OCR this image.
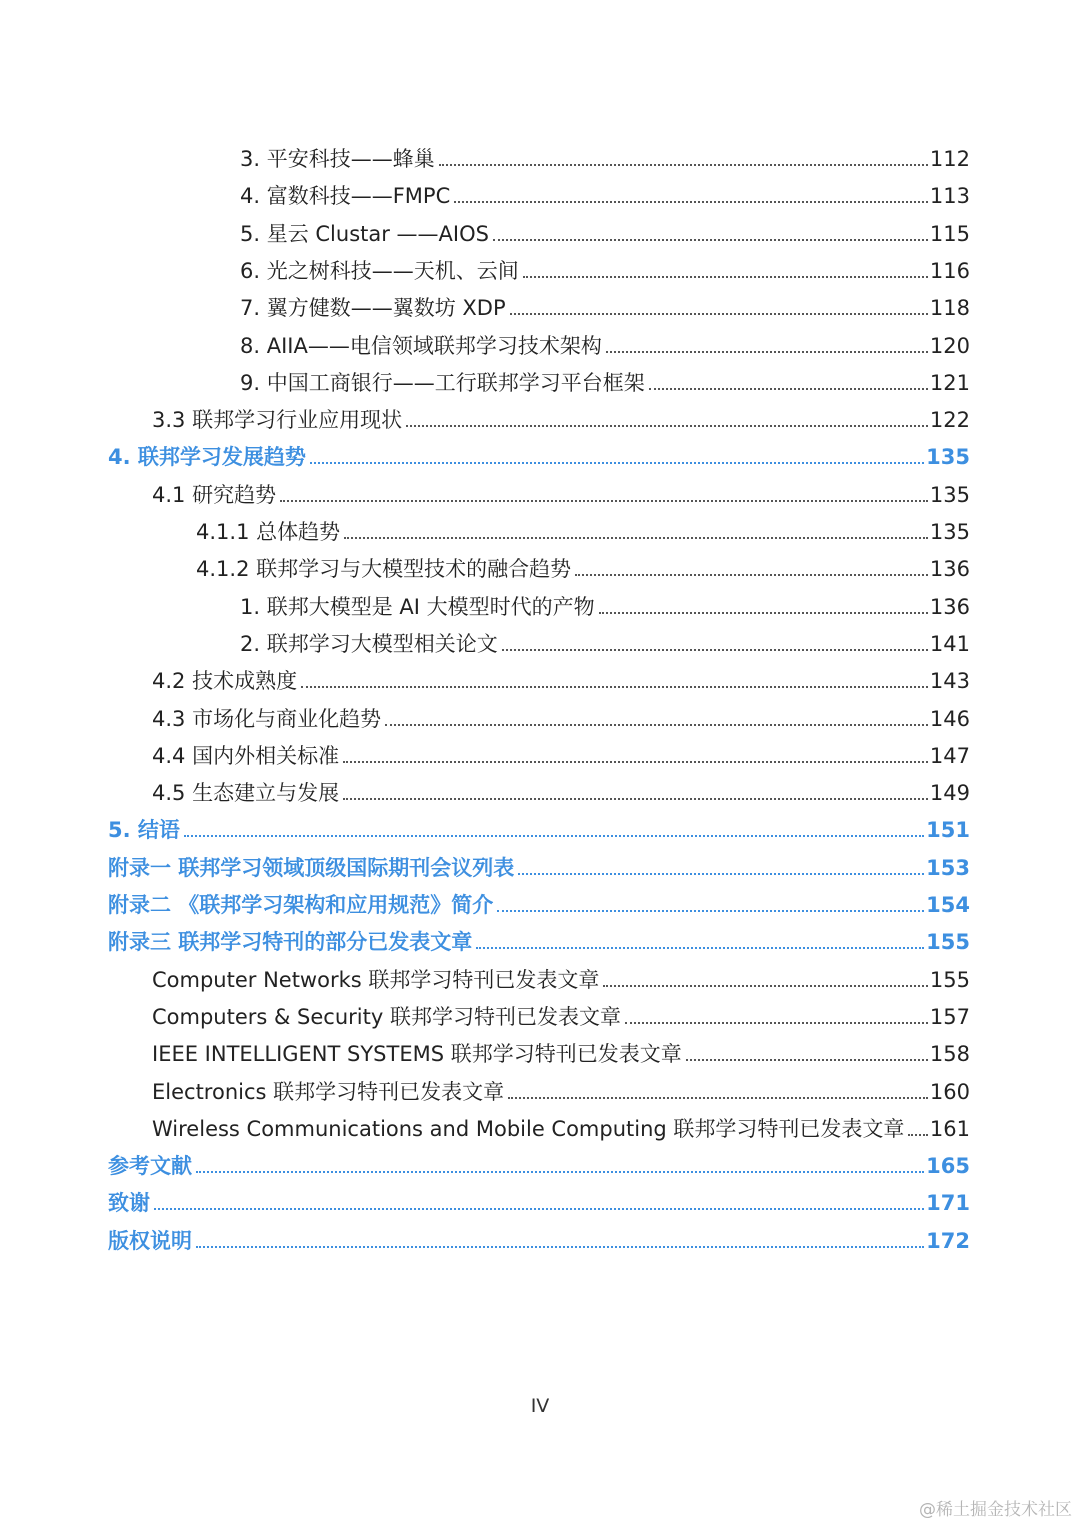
3. 平安科技——蜂巢	112
4. 富数科技——FMPC	113
5. 星云 Clustar ——AIOS	115
6. 光之树科技——天机、云间	116
7. 翼方健数——翼数坊 XDP	118
8. AIIA——电信领域联邦学习技术架构	120
9. 中国工商银行——工行联邦学习平台框架	121
3.3 联邦学习行业应用现状	122
4. 联邦学习发展趋势	135
4.1 研究趋势	135
4.1.1 总体趋势	135
4.1.2 联邦学习与大模型技术的融合趋势	136
1. 联邦大模型是 AI 大模型时代的产物	136
2. 联邦学习大模型相关论文	141
4.2 技术成熟度	143
4.3 市场化与商业化趋势	146
4.4 国内外相关标准	147
4.5 生态建立与发展	149
5. 结语	151
附录一 联邦学习领域顶级国际期刊会议列表	153
附录二 《联邦学习架构和应用规范》简介	154
附录三 联邦学习特刊的部分已发表文章	155
Computer Networks 联邦学习特刊已发表文章	155
Computers & Security 联邦学习特刊已发表文章	157
IEEE INTELLIGENT SYSTEMS 联邦学习特刊已发表文章	158
Electronics 联邦学习特刊已发表文章	160
Wireless Communications and Mobile Computing 联邦学习特刊已发表文章 161
参考文献	165
致谢	171
版权说明	172
IV
@稀土掘金技术社区
